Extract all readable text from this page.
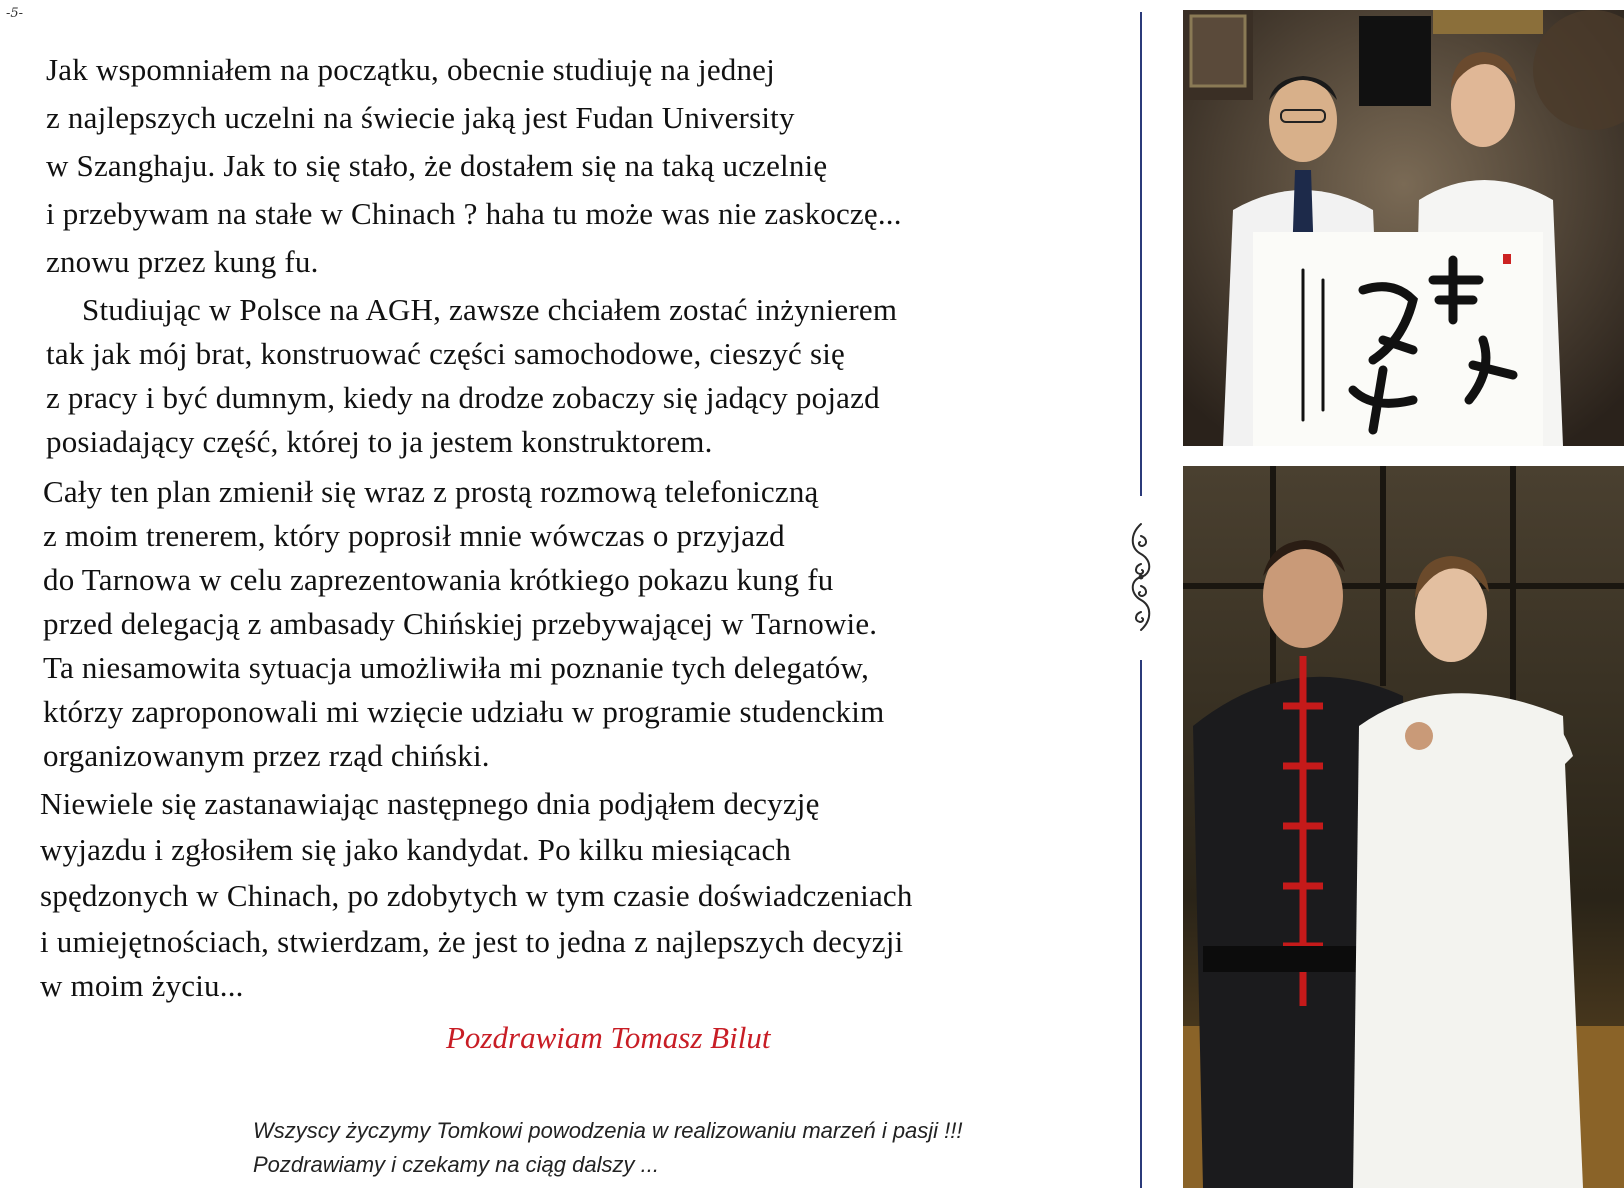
-5-
Jak wspomniałem na początku, obecnie studiuję na jednej
z najlepszych uczelni na świecie jaką jest Fudan University
w Szanghaju. Jak to się stało, że dostałem się na taką uczelnię
i przebywam na stałe w Chinach ? haha tu może was nie zaskoczę...
znowu przez kung fu.
Studiując w Polsce na AGH, zawsze chciałem zostać inżynierem
tak jak mój brat, konstruować części samochodowe, cieszyć się
z pracy i być dumnym, kiedy na drodze zobaczy się jadący pojazd
posiadający część, której to ja jestem konstruktorem.
Cały ten plan zmienił się wraz z prostą rozmową telefoniczną
z moim trenerem, który poprosił mnie wówczas o przyjazd
do Tarnowa w celu zaprezentowania krótkiego pokazu kung fu
przed delegacją z ambasady Chińskiej przebywającej w Tarnowie.
Ta niesamowita sytuacja umożliwiła mi poznanie tych delegatów,
którzy zaproponowali mi wzięcie udziału w programie studenckim
organizowanym przez rząd chiński.
Niewiele się zastanawiając następnego dnia podjąłem decyzję
wyjazdu i zgłosiłem się jako kandydat. Po kilku miesiącach
spędzonych w Chinach, po zdobytych w tym czasie doświadczeniach
i umiejętnościach, stwierdzam, że jest to jedna z najlepszych decyzji
w moim życiu...
Pozdrawiam Tomasz Bilut
Wszyscy życzymy Tomkowi powodzenia w realizowaniu marzeń i pasji !!!
Pozdrawiamy i czekamy na ciąg dalszy ...
